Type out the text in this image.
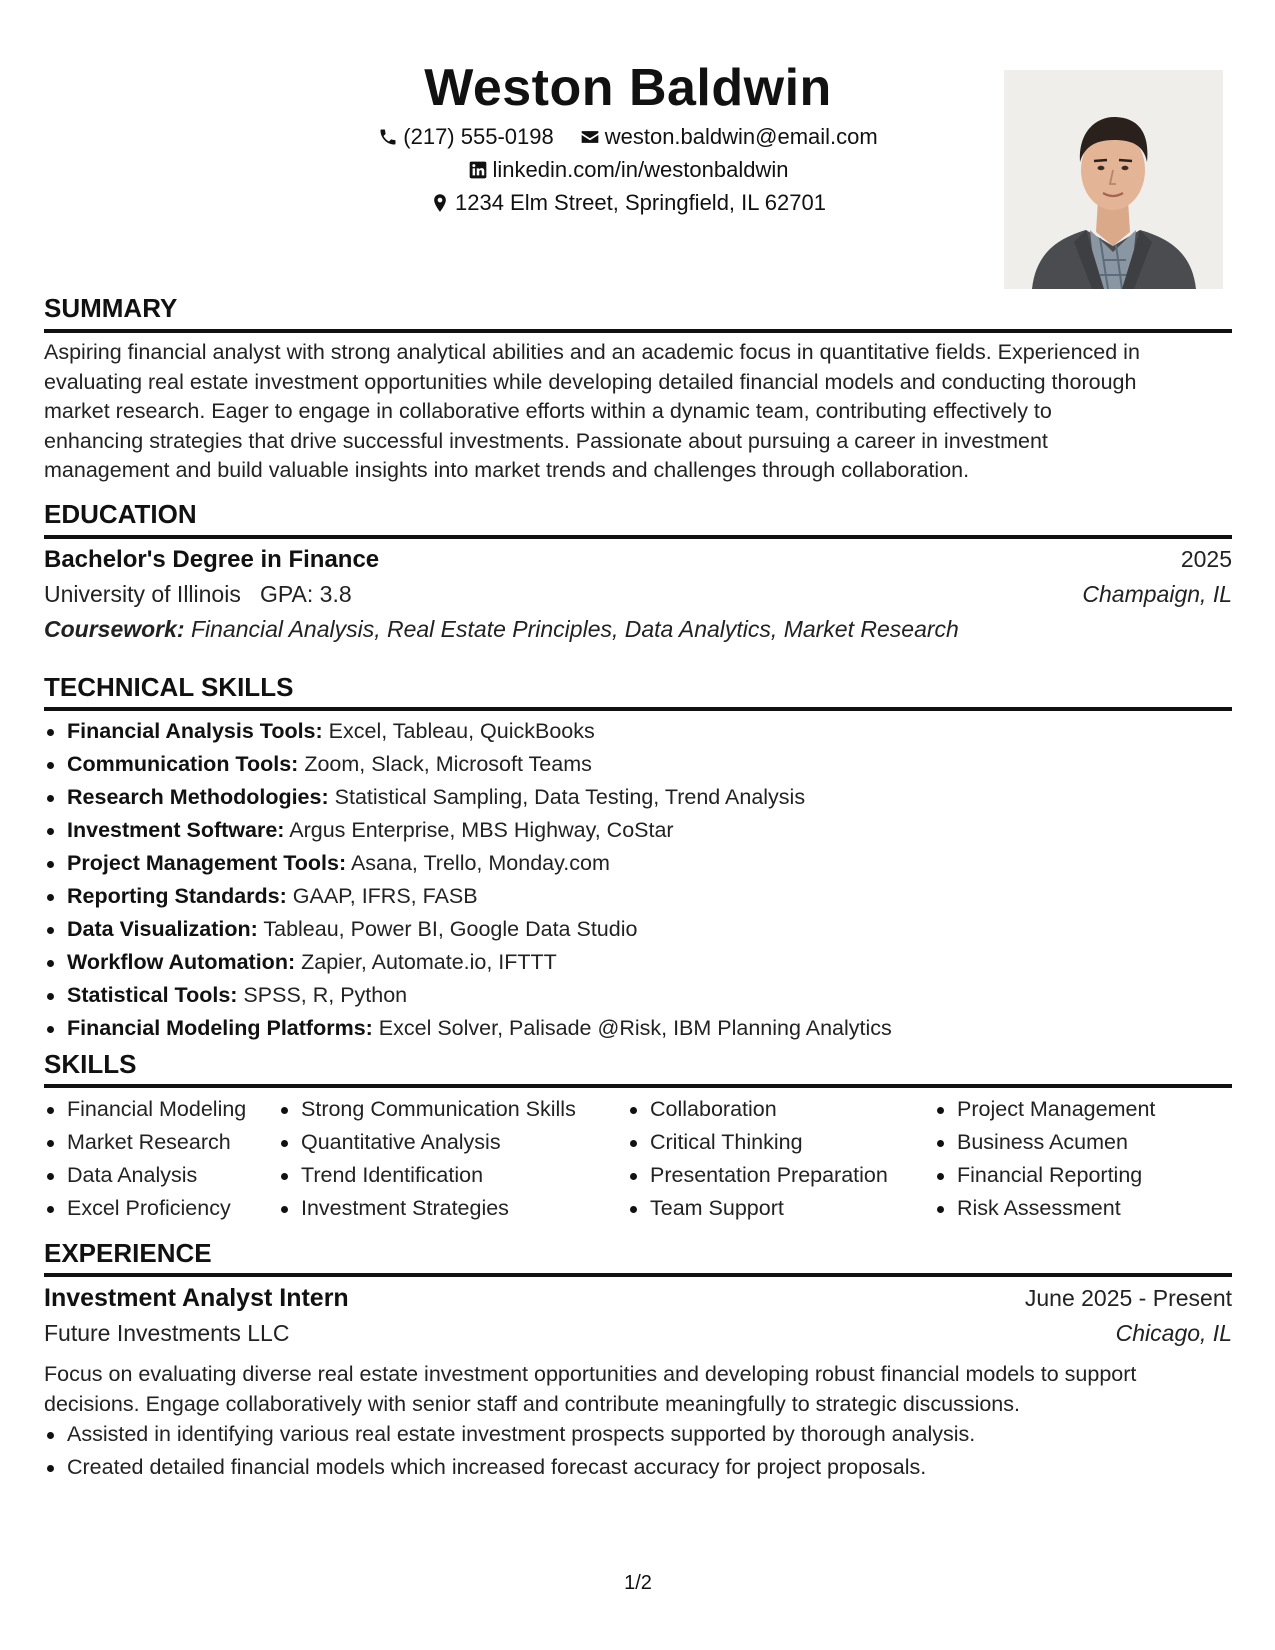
Weston Baldwin
(217) 555-0198 weston.baldwin@email.com
linkedin.com/in/westonbaldwin
1234 Elm Street, Springfield, IL 62701
SUMMARY
Aspiring financial analyst with strong analytical abilities and an academic focus in quantitative fields. Experienced in
evaluating real estate investment opportunities while developing detailed financial models and conducting thorough
market research. Eager to engage in collaborative efforts within a dynamic team, contributing effectively to
enhancing strategies that drive successful investments. Passionate about pursuing a career in investment
management and build valuable insights into market trends and challenges through collaboration.
EDUCATION
Bachelor's Degree in Finance	2025
University of Illinois GPA: 3.8	Champaign, IL
Coursework: Financial Analysis, Real Estate Principles, Data Analytics, Market Research
TECHNICAL SKILLS
Financial Analysis Tools: Excel, Tableau, QuickBooks
Communication Tools: Zoom, Slack, Microsoft Teams
Research Methodologies: Statistical Sampling, Data Testing, Trend Analysis
Investment Software: Argus Enterprise, MBS Highway, CoStar
Project Management Tools: Asana, Trello, Monday.com
Reporting Standards: GAAP, IFRS, FASB
Data Visualization: Tableau, Power BI, Google Data Studio
Workflow Automation: Zapier, Automate.io, IFTTT
Statistical Tools: SPSS, R, Python
Financial Modeling Platforms: Excel Solver, Palisade @Risk, IBM Planning Analytics
SKILLS
Financial Modeling
Market Research
Data Analysis
Excel Proficiency
Strong Communication Skills
Quantitative Analysis
Trend Identification
Investment Strategies
Collaboration
Critical Thinking
Presentation Preparation
Team Support
Project Management
Business Acumen
Financial Reporting
Risk Assessment
EXPERIENCE
Investment Analyst Intern	June 2025 - Present
Future Investments LLC	Chicago, IL
Focus on evaluating diverse real estate investment opportunities and developing robust financial models to support
decisions. Engage collaboratively with senior staff and contribute meaningfully to strategic discussions.
Assisted in identifying various real estate investment prospects supported by thorough analysis.
Created detailed financial models which increased forecast accuracy for project proposals.
1/2
